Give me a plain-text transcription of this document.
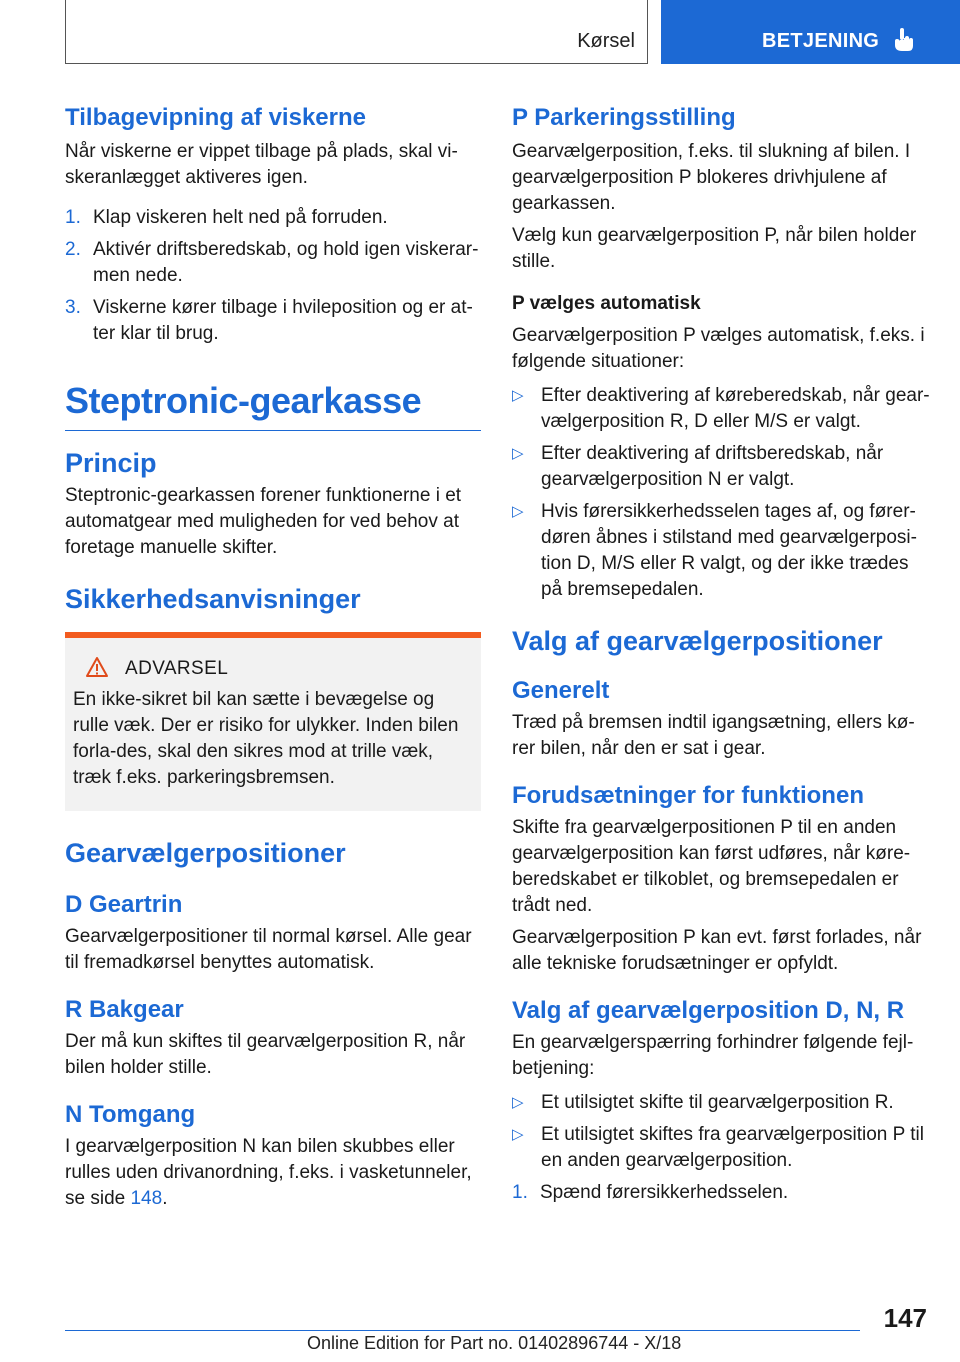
Kørsel	BETJENING
Tilbagevipning af viskerne

Når viskerne er vippet tilbage på plads, skal vi-skeranlægget aktiveres igen.

1. Klap viskeren helt ned på forruden.
2. Aktivér driftsberedskab, og hold igen viskerar-men nede.
3. Viskerne kører tilbage i hvileposition og er at-ter klar til brug.
Steptronic-gearkasse
Princip

Steptronic-gearkassen forener funktionerne i et automatgear med muligheden for ved behov at foretage manuelle skifter.

Sikkerhedsanvisninger
ADVARSEL

En ikke-sikret bil kan sætte i bevægelse og rulle væk. Der er risiko for ulykker. Inden bilen forla-des, skal den sikres mod at trille væk, træk f.eks. parkeringsbremsen.

Gearvælgerpositioner
D Geartrin

Gearvælgerpositioner til normal kørsel. Alle gear til fremadkørsel benyttes automatisk.

R Bakgear

Der må kun skiftes til gearvælgerposition R, når bilen holder stille.

N Tomgang

I gearvælgerposition N kan bilen skubbes eller rulles uden drivanordning, f.eks. i vasketunneler, se side 148.

P Parkeringsstilling

Gearvælgerposition, f.eks. til slukning af bilen. I gearvælgerposition P blokeres drivhjulene af gearkassen.

Vælg kun gearvælgerposition P, når bilen holder stille.

P vælges automatisk

Gearvælgerposition P vælges automatisk, f.eks. i følgende situationer:

▷ Efter deaktivering af køreberedskab, når gear-vælgerposition R, D eller M/S er valgt.
▷ Efter deaktivering af driftsberedskab, når gearvælgerposition N er valgt.
▷ Hvis førersikkerhedsselen tages af, og fører-døren åbnes i stilstand med gearvælgerposi-tion D, M/S eller R valgt, og der ikke trædes på bremsepedalen.
Valg af gearvælgerpositioner
Generelt

Træd på bremsen indtil igangsætning, ellers kø-rer bilen, når den er sat i gear.

Forudsætninger for funktionen

Skifte fra gearvælgerpositionen P til en anden gearvælgerposition kan først udføres, når køre-beredskabet er tilkoblet, og bremsepedalen er trådt ned.

Gearvælgerposition P kan evt. først forlades, når alle tekniske forudsætninger er opfyldt.

Valg af gearvælgerposition D, N, R

En gearvælgerspærring forhindrer følgende fejl-betjening:

▷ Et utilsigtet skifte til gearvælgerposition R.
▷ Et utilsigtet skiftes fra gearvælgerposition P til en anden gearvælgerposition.
1. Spænd førersikkerhedsselen.
147
Online Edition for Part no. 01402896744 - X/18
